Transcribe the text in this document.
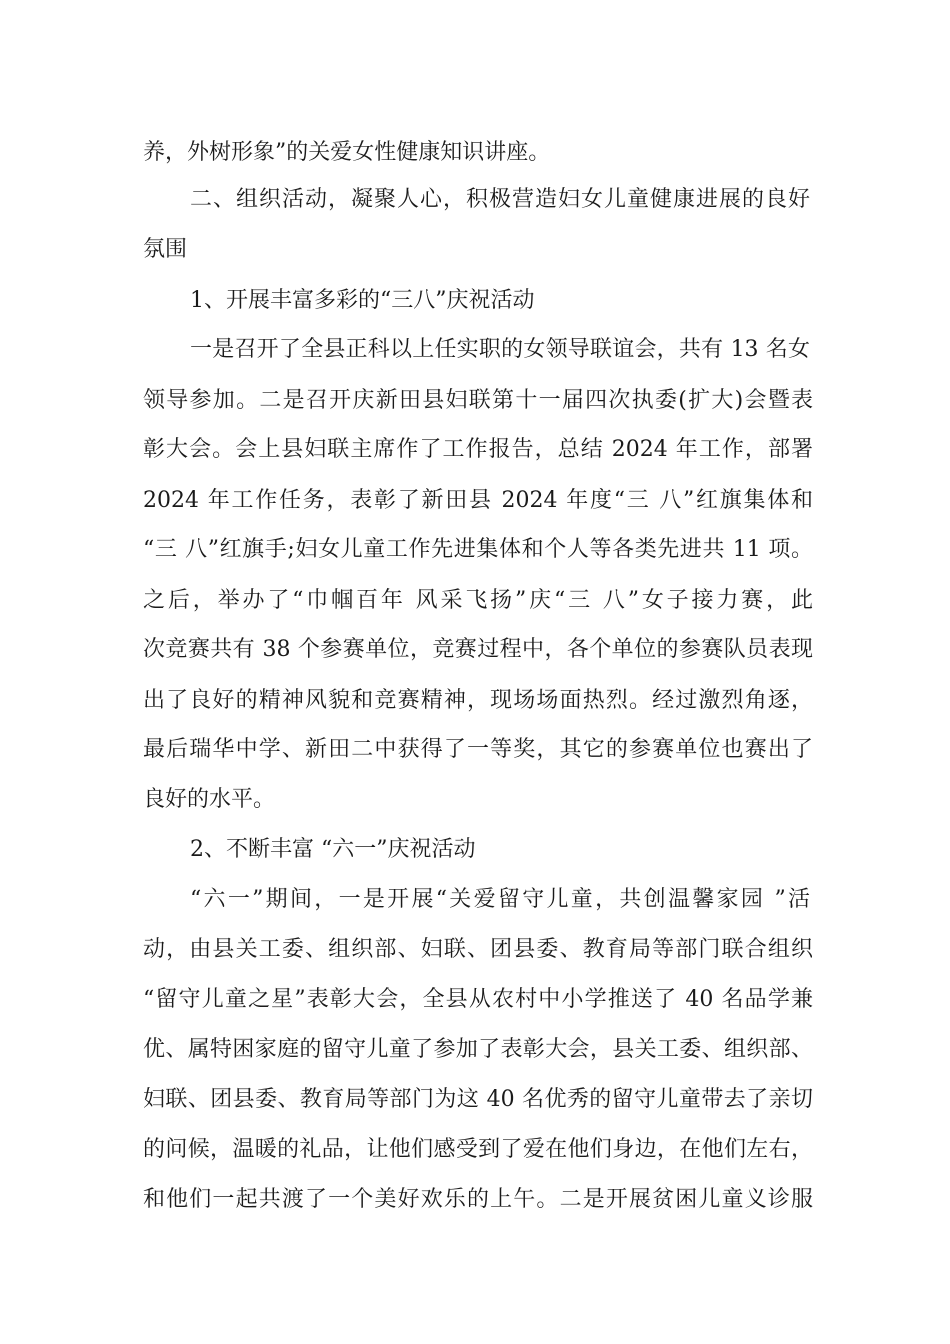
养，外树形象”的关爱女性健康知识讲座。
二、组织活动，凝聚人心，积极营造妇女儿童健康进展的良好
氛围
1、开展丰富多彩的“三八”庆祝活动
一是召开了全县正科以上任实职的女领导联谊会，共有 13 名女
领导参加。二是召开庆新田县妇联第十一届四次执委(扩大)会暨表
彰大会。会上县妇联主席作了工作报告，总结 2024 年工作，部署
2024 年工作任务，表彰了新田县 2024 年度“三 八”红旗集体和
“三 八”红旗手;妇女儿童工作先进集体和个人等各类先进共 11 项。
之后，举办了“巾帼百年 风采飞扬”庆“三 八”女子接力赛，此
次竞赛共有 38 个参赛单位，竞赛过程中，各个单位的参赛队员表现
出了良好的精神风貌和竞赛精神，现场场面热烈。经过激烈角逐，
最后瑞华中学、新田二中获得了一等奖，其它的参赛单位也赛出了
良好的水平。
2、不断丰富 “六一”庆祝活动
“六一”期间，一是开展“关爱留守儿童，共创温馨家园 ”活
动，由县关工委、组织部、妇联、团县委、教育局等部门联合组织
“留守儿童之星”表彰大会，全县从农村中小学推送了 40 名品学兼
优、属特困家庭的留守儿童了参加了表彰大会，县关工委、组织部、
妇联、团县委、教育局等部门为这 40 名优秀的留守儿童带去了亲切
的问候，温暖的礼品，让他们感受到了爱在他们身边，在他们左右，
和他们一起共渡了一个美好欢乐的上午。二是开展贫困儿童义诊服
